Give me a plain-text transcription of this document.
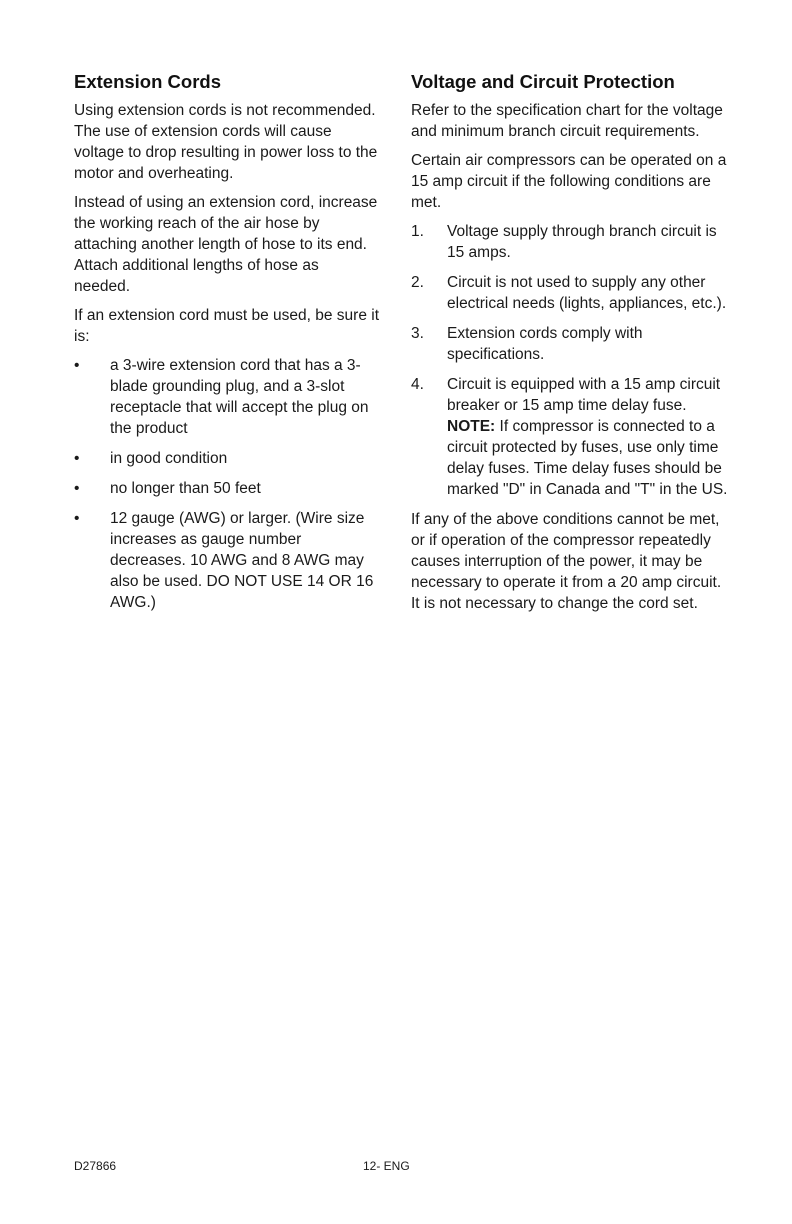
Extension Cords

Using extension cords is not recommended. The use of extension cords will cause voltage to drop resulting in power loss to the motor and overheating.

Instead of using an extension cord, increase the working reach of the air hose by attaching another length of hose to its end. Attach additional lengths of hose as needed.

If an extension cord must be used, be sure it is:

•	a 3-wire extension cord that has a 3-blade grounding plug, and a 3-slot receptacle that will accept the plug on the product
•	in good condition
•	no longer than 50 feet
•	12 gauge (AWG) or larger. (Wire size increases as gauge number decreases. 10 AWG and 8 AWG may also be used. DO NOT USE 14 OR 16 AWG.)
Voltage and Circuit Protection

Refer to the specification chart for the voltage and minimum branch circuit requirements.

Certain air compressors can be operated on a 15 amp circuit if the following conditions are met.

1.	Voltage supply through branch circuit is 15 amps.
2.	Circuit is not used to supply any other electrical needs (lights, appliances, etc.).
3.	Extension cords comply with specifications.
4.	Circuit is equipped with a 15 amp circuit breaker or 15 amp time delay fuse. NOTE: If compressor is connected to a circuit protected by fuses, use only time delay fuses. Time delay fuses should be marked "D" in Canada and "T" in the US.

If any of the above conditions cannot be met, or if operation of the compressor repeatedly causes interruption of the power, it may be necessary to operate it from a 20 amp circuit. It is not necessary to change the cord set.

D27866	12- ENG
